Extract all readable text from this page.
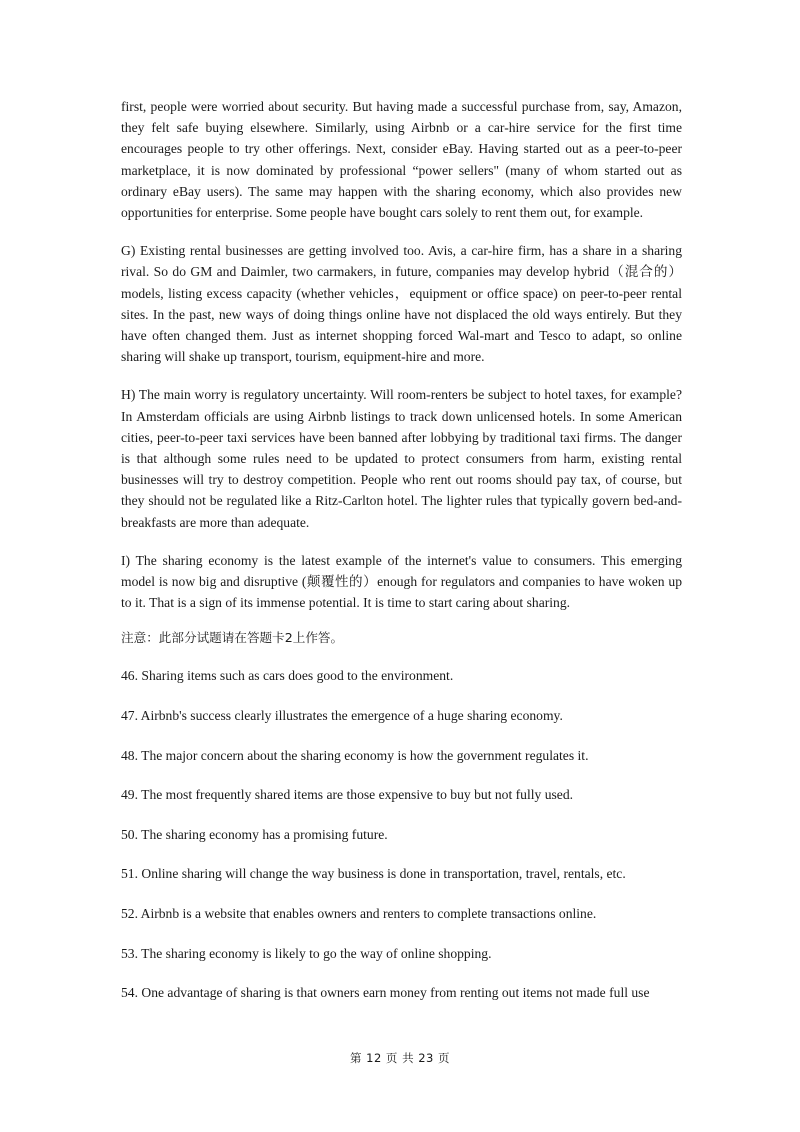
first, people were worried about security. But having made a successful purchase from, say, Amazon, they felt safe buying elsewhere. Similarly, using Airbnb or a car-hire service for the first time encourages people to try other offerings. Next, consider eBay. Having started out as a peer-to-peer marketplace, it is now dominated by professional “power sellers" (many of whom started out as ordinary eBay users). The same may happen with the sharing economy, which also provides new opportunities for enterprise. Some people have bought cars solely to rent them out, for example.

G) Existing rental businesses are getting involved too. Avis, a car-hire firm, has a share in a sharing rival. So do GM and Daimler, two carmakers, in future, companies may develop hybrid（混合的）models, listing excess capacity (whether vehicles，equipment or office space) on peer-to-peer rental sites. In the past, new ways of doing things online have not displaced the old ways entirely. But they have often changed them. Just as internet shopping forced Wal-mart and Tesco to adapt, so online sharing will shake up transport, tourism, equipment-hire and more.

H) The main worry is regulatory uncertainty. Will room-renters be subject to hotel taxes, for example? In Amsterdam officials are using Airbnb listings to track down unlicensed hotels. In some American cities, peer-to-peer taxi services have been banned after lobbying by traditional taxi firms. The danger is that although some rules need to be updated to protect consumers from harm, existing rental businesses will try to destroy competition. People who rent out rooms should pay tax, of course, but they should not be regulated like a Ritz-Carlton hotel. The lighter rules that typically govern bed-and- breakfasts are more than adequate.

I) The sharing economy is the latest example of the internet's value to consumers. This emerging model is now big and disruptive (颠覆性的）enough for regulators and companies to have woken up to it. That is a sign of its immense potential. It is time to start caring about sharing.

注意：此部分试题请在答题卡2上作答。

46. Sharing items such as cars does good to the environment.

47. Airbnb's success clearly illustrates the emergence of a huge sharing economy.

48. The major concern about the sharing economy is how the government regulates it.

49. The most frequently shared items are those expensive to buy but not fully used.

50. The sharing economy has a promising future.

51. Online sharing will change the way business is done in transportation, travel, rentals, etc.

52. Airbnb is a website that enables owners and renters to complete transactions online.

53. The sharing economy is likely to go the way of online shopping.

54. One advantage of sharing is that owners earn money from renting out items not made full use

第 12 页 共 23 页
